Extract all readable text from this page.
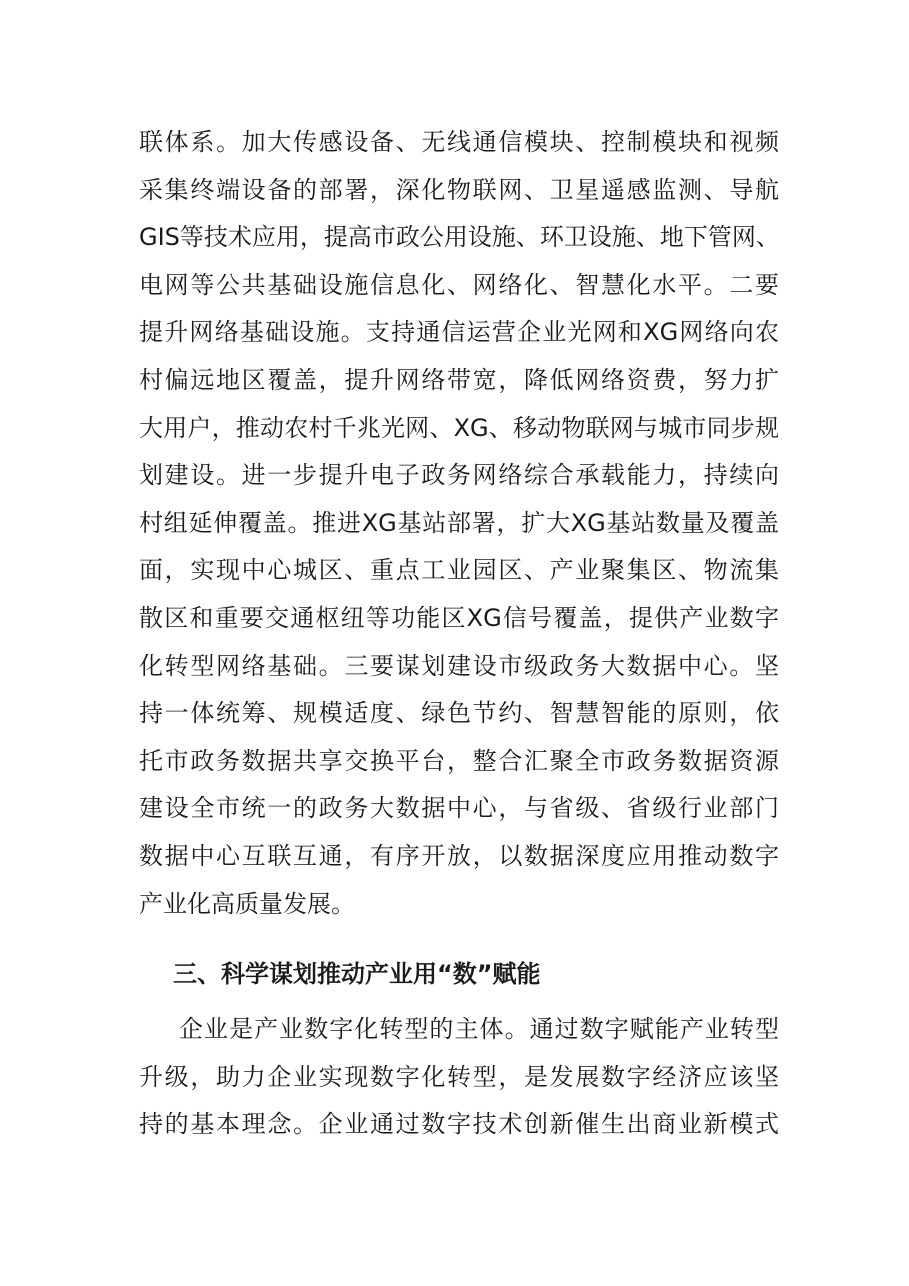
联体系。加大传感设备、无线通信模块、控制模块和视频
采集终端设备的部署，深化物联网、卫星遥感监测、导航
GIS等技术应用，提高市政公用设施、环卫设施、地下管网、
电网等公共基础设施信息化、网络化、智慧化水平。二要
提升网络基础设施。支持通信运营企业光网和XG网络向农
村偏远地区覆盖，提升网络带宽，降低网络资费，努力扩
大用户，推动农村千兆光网、XG、移动物联网与城市同步规
划建设。进一步提升电子政务网络综合承载能力，持续向
村组延伸覆盖。推进XG基站部署，扩大XG基站数量及覆盖
面，实现中心城区、重点工业园区、产业聚集区、物流集
散区和重要交通枢纽等功能区XG信号覆盖，提供产业数字
化转型网络基础。三要谋划建设市级政务大数据中心。坚
持一体统筹、规模适度、绿色节约、智慧智能的原则，依
托市政务数据共享交换平台，整合汇聚全市政务数据资源
建设全市统一的政务大数据中心，与省级、省级行业部门
数据中心互联互通，有序开放，以数据深度应用推动数字
产业化高质量发展。
三、科学谋划推动产业用“数”赋能
企业是产业数字化转型的主体。通过数字赋能产业转型
升级，助力企业实现数字化转型，是发展数字经济应该坚
持的基本理念。企业通过数字技术创新催生出商业新模式
